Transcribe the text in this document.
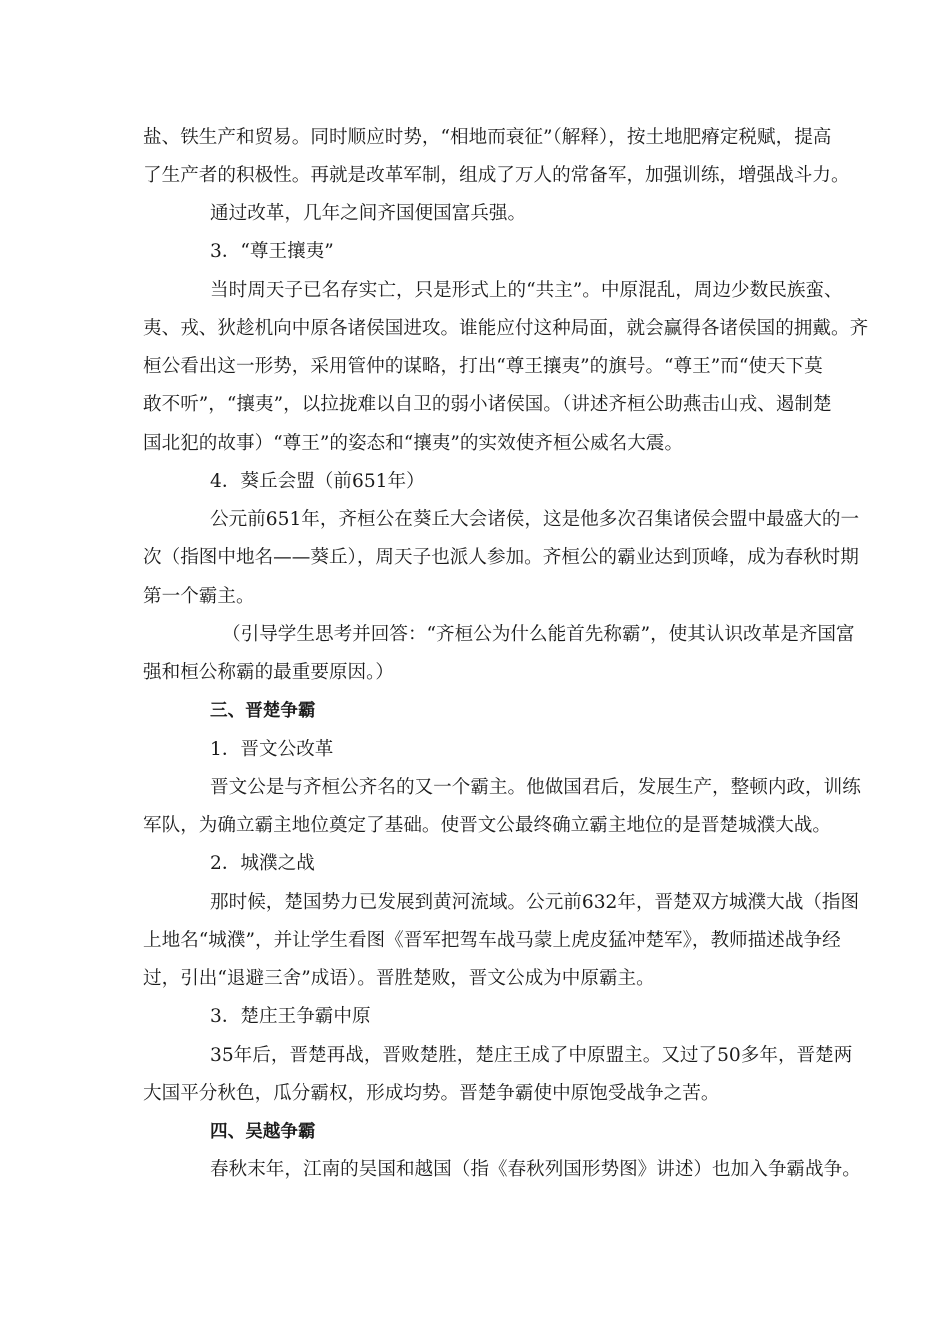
盐、铁生产和贸易。同时顺应时势，“相地而衰征”（解释），按土地肥瘠定税赋，提高
了生产者的积极性。再就是改革军制，组成了万人的常备军，加强训练，增强战斗力。
通过改革，几年之间齐国便国富兵强。
3．“尊王攘夷”
当时周天子已名存实亡，只是形式上的“共主”。中原混乱，周边少数民族蛮、
夷、戎、狄趁机向中原各诸侯国进攻。谁能应付这种局面，就会赢得各诸侯国的拥戴。齐
桓公看出这一形势，采用管仲的谋略，打出“尊王攘夷”的旗号。“尊王”而“使天下莫
敢不听”，“攘夷”，以拉拢难以自卫的弱小诸侯国。（讲述齐桓公助燕击山戎、遏制楚
国北犯的故事）“尊王”的姿态和“攘夷”的实效使齐桓公威名大震。
4．葵丘会盟（前651年）
公元前651年，齐桓公在葵丘大会诸侯，这是他多次召集诸侯会盟中最盛大的一
次（指图中地名——葵丘），周天子也派人参加。齐桓公的霸业达到顶峰，成为春秋时期
第一个霸主。
（引导学生思考并回答：“齐桓公为什么能首先称霸”，使其认识改革是齐国富
强和桓公称霸的最重要原因。）
三、晋楚争霸
1．晋文公改革
晋文公是与齐桓公齐名的又一个霸主。他做国君后，发展生产，整顿内政，训练
军队，为确立霸主地位奠定了基础。使晋文公最终确立霸主地位的是晋楚城濮大战。
2．城濮之战
那时候，楚国势力已发展到黄河流域。公元前632年，晋楚双方城濮大战（指图
上地名“城濮”，并让学生看图《晋军把驾车战马蒙上虎皮猛冲楚军》，教师描述战争经
过，引出“退避三舍”成语）。晋胜楚败，晋文公成为中原霸主。
3．楚庄王争霸中原
35年后，晋楚再战，晋败楚胜，楚庄王成了中原盟主。又过了50多年，晋楚两
大国平分秋色，瓜分霸权，形成均势。晋楚争霸使中原饱受战争之苦。
四、吴越争霸
春秋末年，江南的吴国和越国（指《春秋列国形势图》讲述）也加入争霸战争。
